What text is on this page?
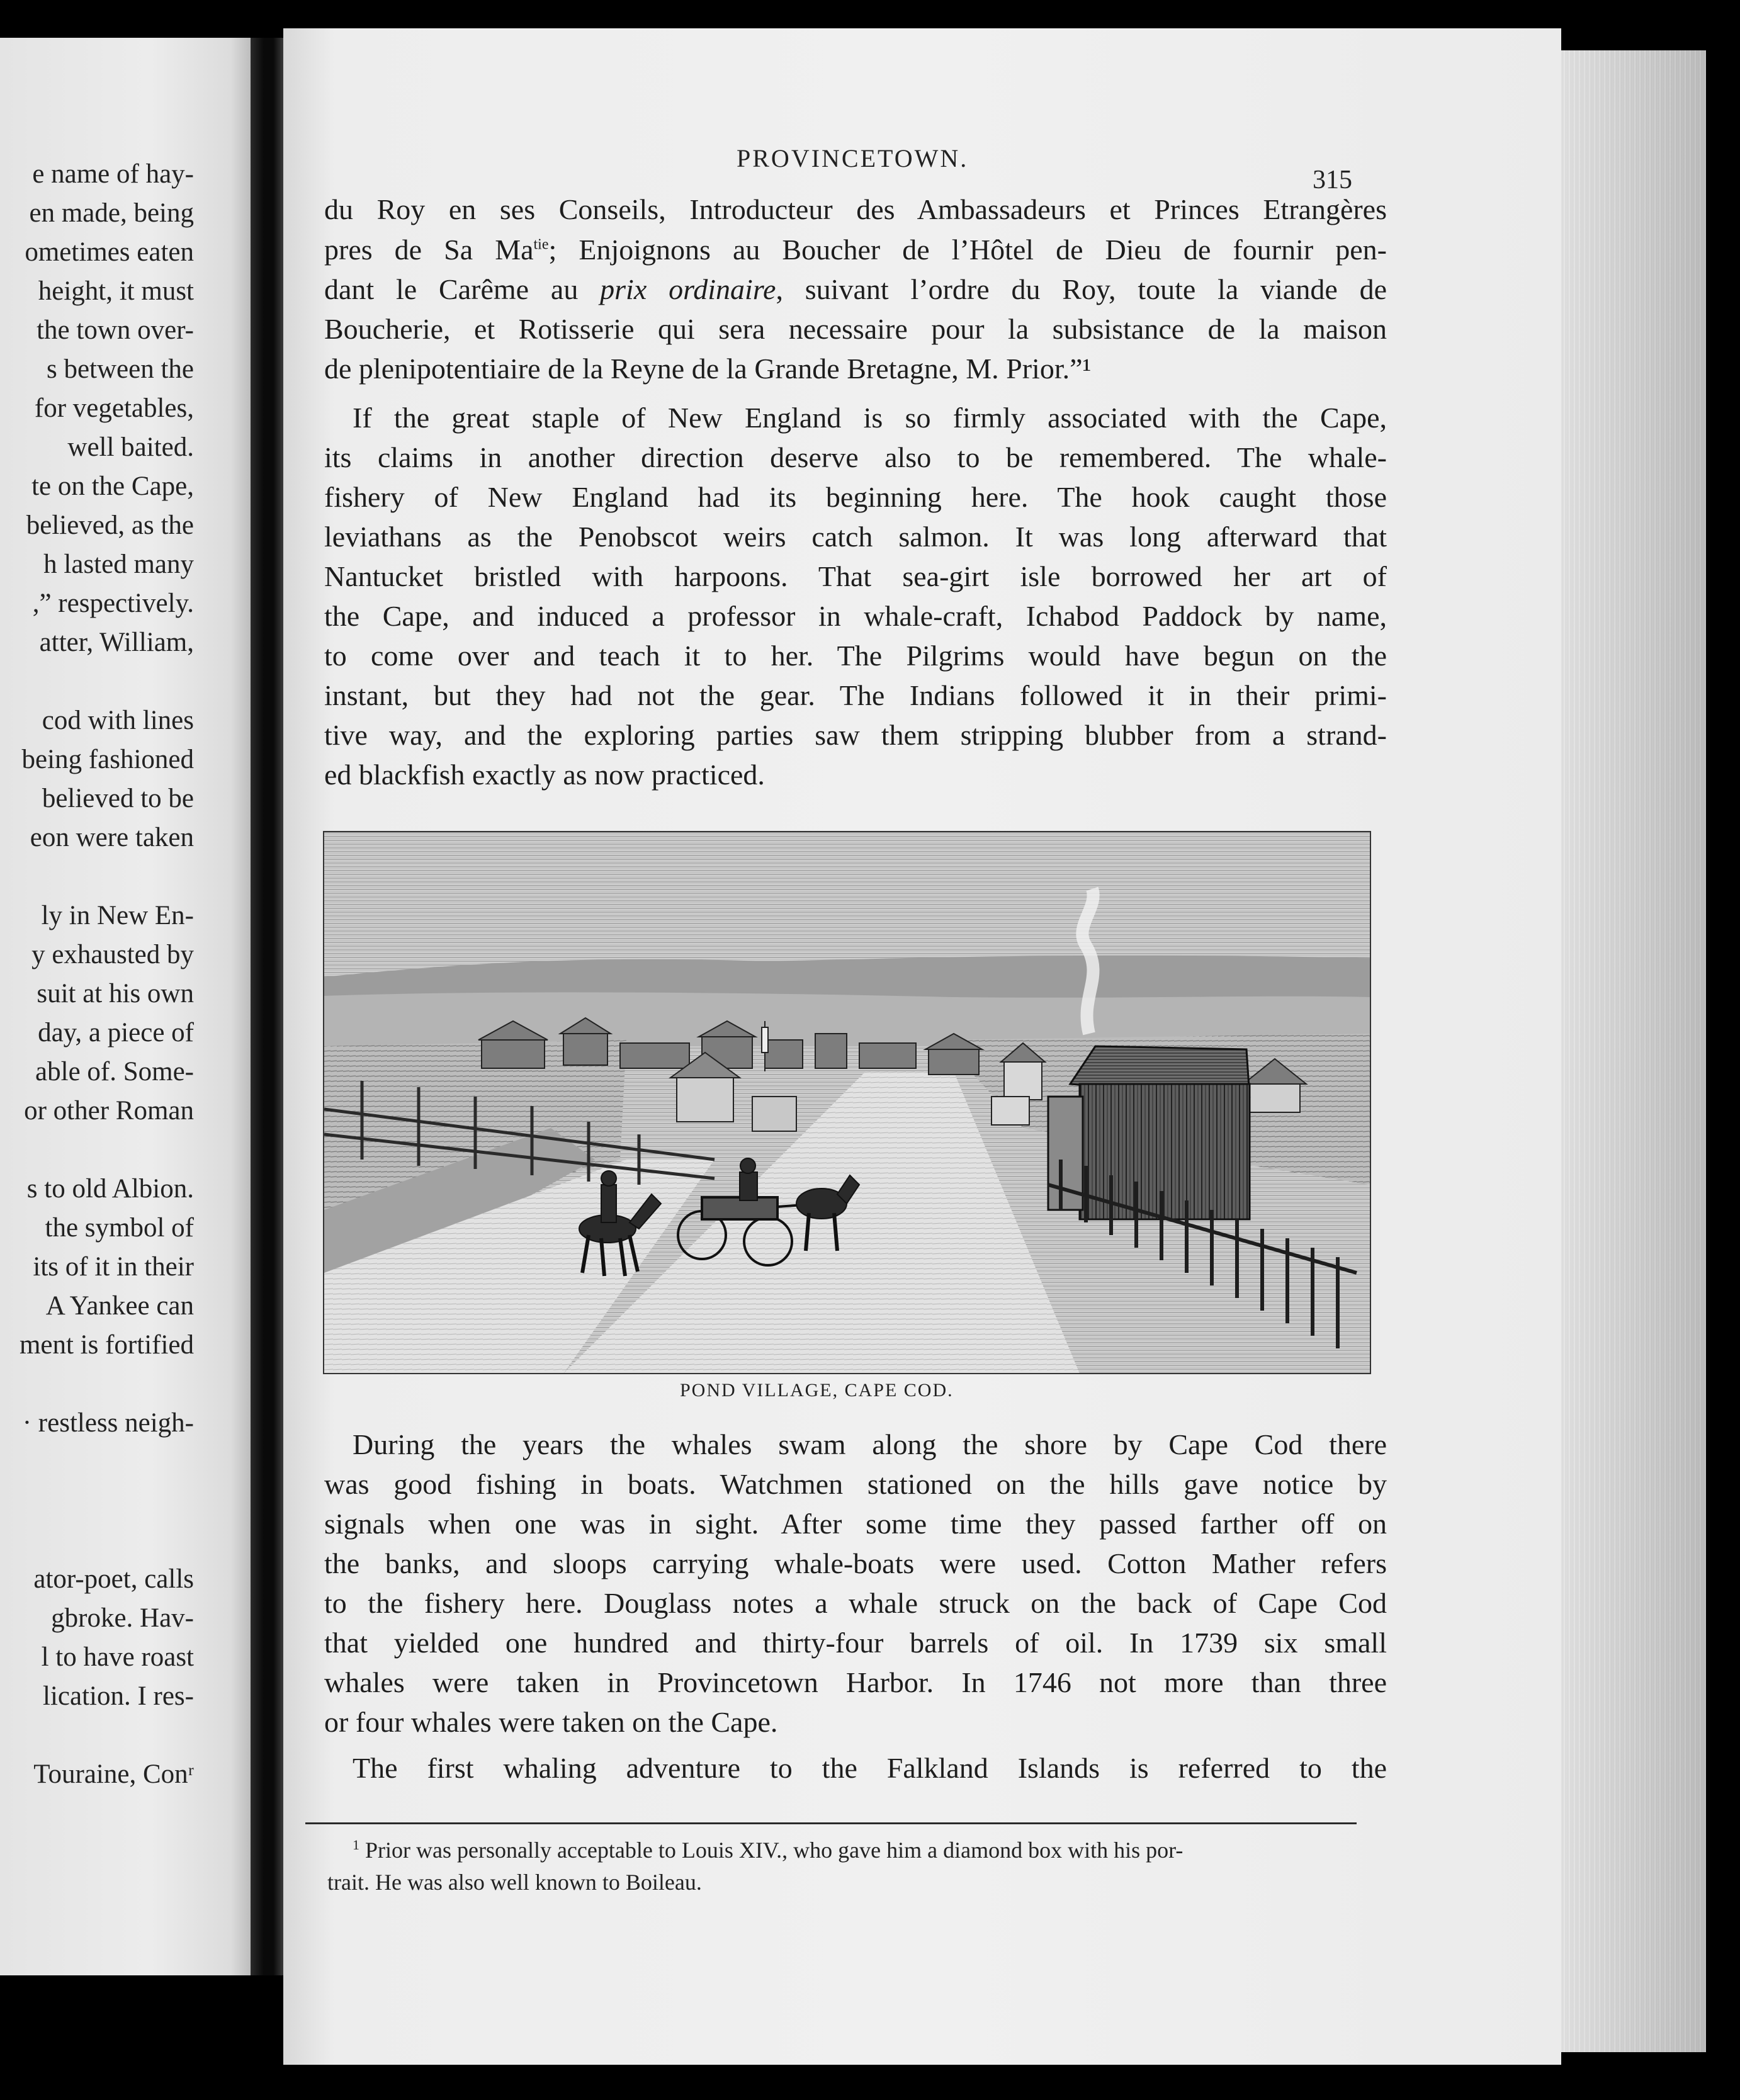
e name of hay-
en made, being
ometimes eaten
height, it must
the town over-
s between the
for vegetables,
well baited.
te on the Cape,
believed, as the
h lasted many
,” respectively.
atter, William,
cod with lines
being fashioned
believed to be
eon were taken
ly in New En-
y exhausted by
suit at his own
day, a piece of
able of. Some-
or other Roman
s to old Albion.
the symbol of
its of it in their
A Yankee can
ment is fortified
· restless neigh-
ator-poet, calls
gbroke. Hav-
l to have roast
lication. I res-
Touraine, Conʳ
PROVINCETOWN.
315
du Roy en ses Conseils, Introducteur des Ambassadeurs et Princes Etrangères
pres de Sa $Ma^{tie}$; Enjoignons au Boucher de l’Hôtel de Dieu de fournir pen-
dant le Carême au prix ordinaire, suivant l’ordre du Roy, toute la viande de
Boucherie, et Rotisserie qui sera necessaire pour la subsistance de la maison
de plenipotentiaire de la Reyne de la Grande Bretagne, M. Prior.”¹
If the great staple of New England is so firmly associated with the Cape,
its claims in another direction deserve also to be remembered. The whale-
fishery of New England had its beginning here. The hook caught those
leviathans as the Penobscot weirs catch salmon. It was long afterward that
Nantucket bristled with harpoons. That sea-girt isle borrowed her art of
the Cape, and induced a professor in whale-craft, Ichabod Paddock by name,
to come over and teach it to her. The Pilgrims would have begun on the
instant, but they had not the gear. The Indians followed it in their primi-
tive way, and the exploring parties saw them stripping blubber from a strand-
ed blackfish exactly as now practiced.
POND VILLAGE, CAPE COD.
During the years the whales swam along the shore by Cape Cod there
was good fishing in boats. Watchmen stationed on the hills gave notice by
signals when one was in sight. After some time they passed farther off on
the banks, and sloops carrying whale-boats were used. Cotton Mather refers
to the fishery here. Douglass notes a whale struck on the back of Cape Cod
that yielded one hundred and thirty-four barrels of oil. In 1739 six small
whales were taken in Provincetown Harbor. In 1746 not more than three
or four whales were taken on the Cape.
The first whaling adventure to the Falkland Islands is referred to the
$^1$ Prior was personally acceptable to Louis XIV., who gave him a diamond box with his por-
trait. He was also well known to Boileau.
